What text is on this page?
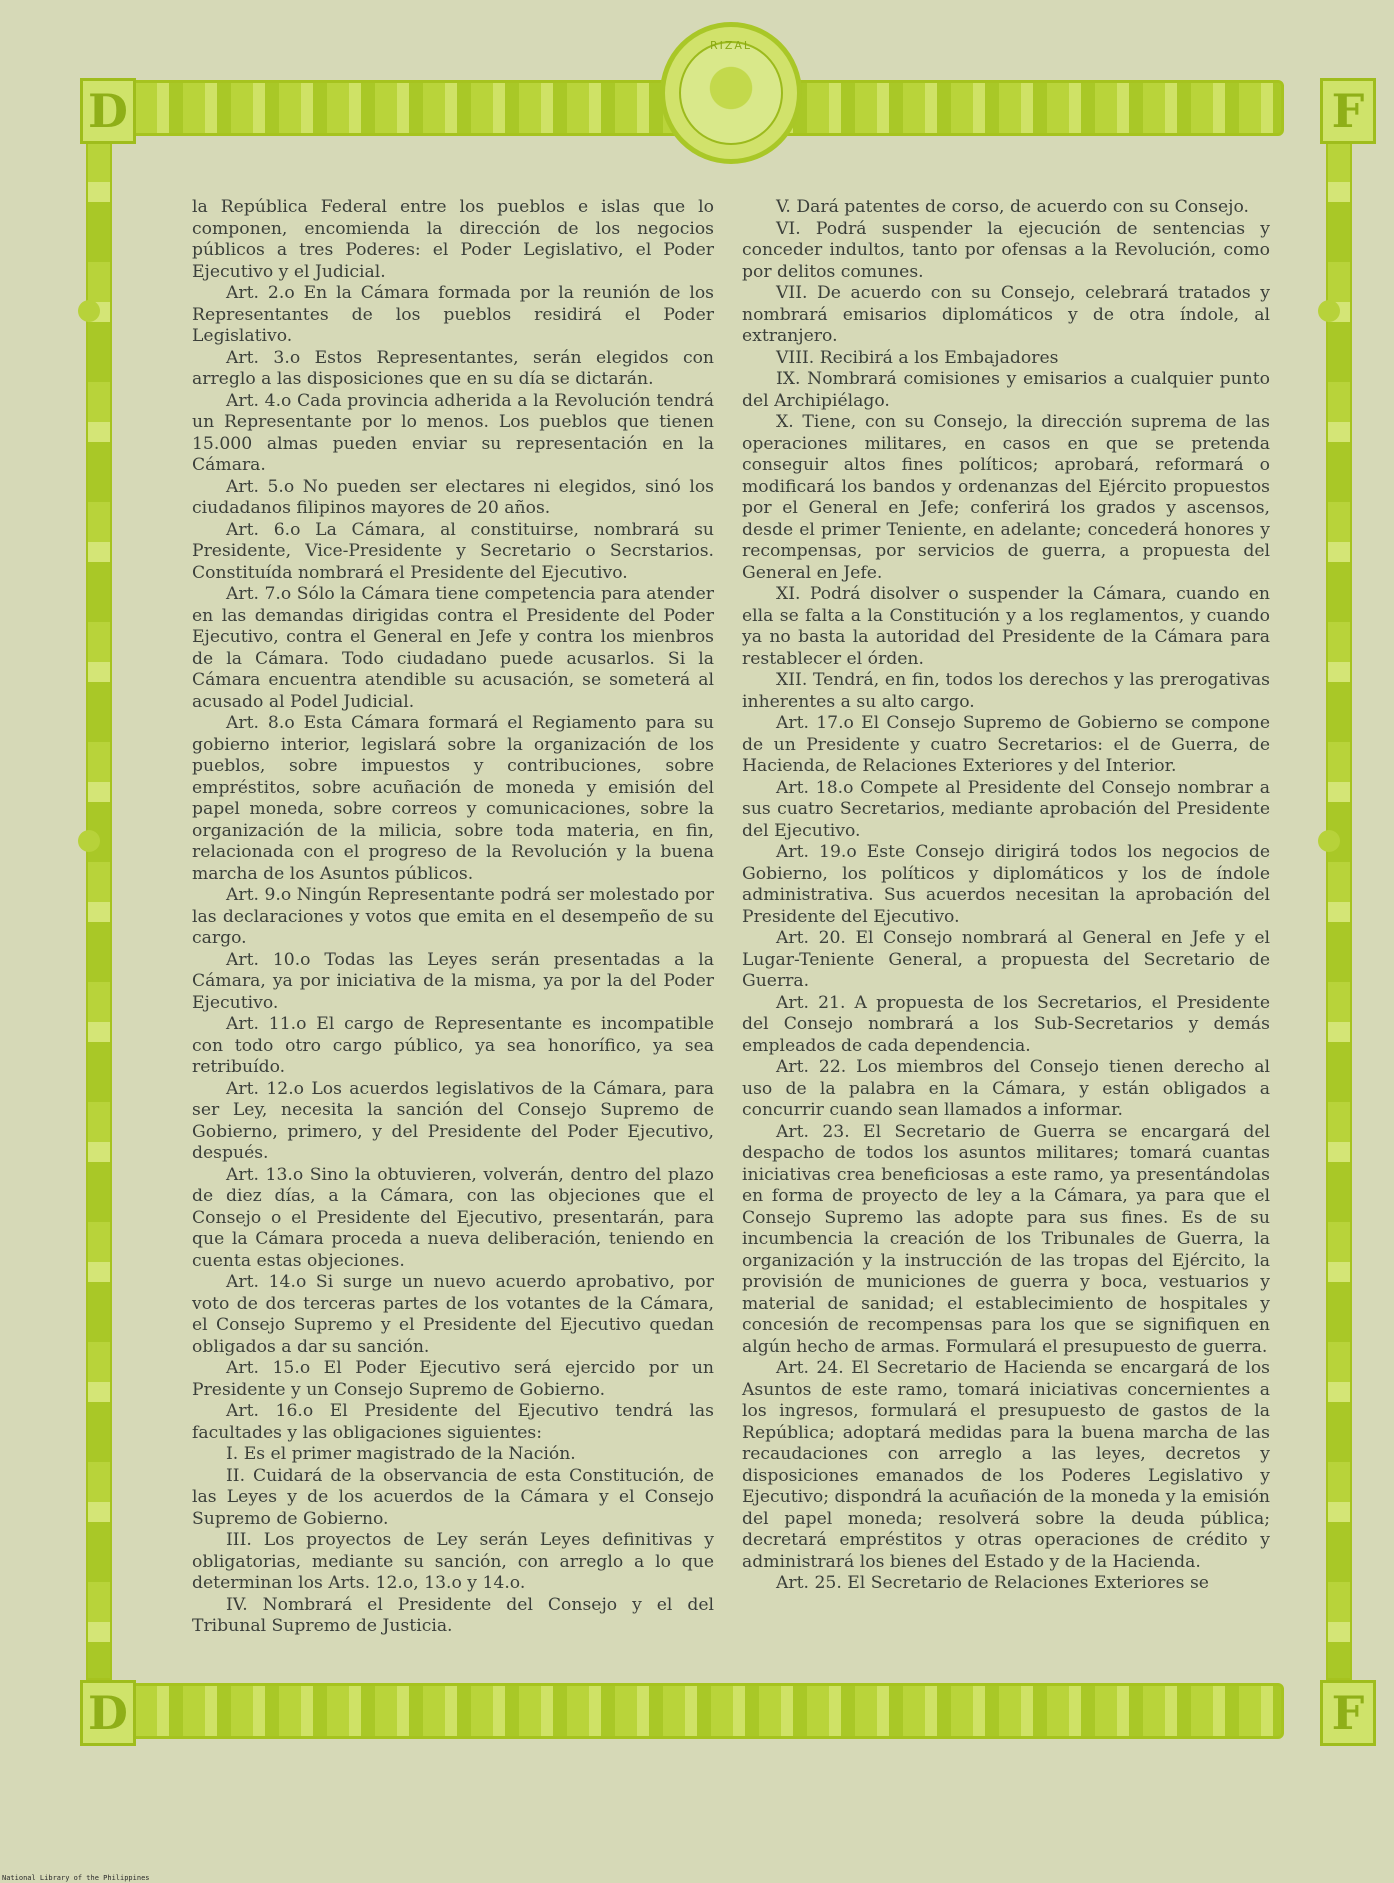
D	F
D	F
RIZAL

la República Federal entre los pueblos e islas que lo componen, encomienda la dirección de los negocios públicos a tres Poderes: el Poder Legislativo, el Poder Ejecutivo y el Judicial.

Art. 2.o En la Cámara formada por la reunión de los Representantes de los pueblos residirá el Poder Legislativo.

Art. 3.o Estos Representantes, serán elegidos con arreglo a las disposiciones que en su día se dictarán.

Art. 4.o Cada provincia adherida a la Revolución tendrá un Representante por lo menos. Los pueblos que tienen 15.000 almas pueden enviar su representación en la Cámara.

Art. 5.o No pueden ser electares ni elegidos, sinó los ciudadanos filipinos mayores de 20 años.

Art. 6.o La Cámara, al constituirse, nombrará su Presidente, Vice-Presidente y Secretario o Secrstarios. Constituída nombrará el Presidente del Ejecutivo.

Art. 7.o Sólo la Cámara tiene competencia para atender en las demandas dirigidas contra el Presidente del Poder Ejecutivo, contra el General en Jefe y contra los mienbros de la Cámara. Todo ciudadano puede acusarlos. Si la Cámara encuentra atendible su acusación, se someterá al acusado al Podel Judicial.

Art. 8.o Esta Cámara formará el Regiamento para su gobierno interior, legislará sobre la organización de los pueblos, sobre impuestos y contribuciones, sobre empréstitos, sobre acuñación de moneda y emisión del papel moneda, sobre correos y comunicaciones, sobre la organización de la milicia, sobre toda materia, en fin, relacionada con el progreso de la Revolución y la buena marcha de los Asuntos públicos.

Art. 9.o Ningún Representante podrá ser molestado por las declaraciones y votos que emita en el desempeño de su cargo.

Art. 10.o Todas las Leyes serán presentadas a la Cámara, ya por iniciativa de la misma, ya por la del Poder Ejecutivo.

Art. 11.o El cargo de Representante es incompatible con todo otro cargo público, ya sea honorífico, ya sea retribuído.

Art. 12.o Los acuerdos legislativos de la Cámara, para ser Ley, necesita la sanción del Consejo Supremo de Gobierno, primero, y del Presidente del Poder Ejecutivo, después.

Art. 13.o Sino la obtuvieren, volverán, dentro del plazo de diez días, a la Cámara, con las objeciones que el Consejo o el Presidente del Ejecutivo, presentarán, para que la Cámara proceda a nueva deliberación, teniendo en cuenta estas objeciones.

Art. 14.o Si surge un nuevo acuerdo aprobativo, por voto de dos terceras partes de los votantes de la Cámara, el Consejo Supremo y el Presidente del Ejecutivo quedan obligados a dar su sanción.

Art. 15.o El Poder Ejecutivo será ejercido por un Presidente y un Consejo Supremo de Gobierno.

Art. 16.o El Presidente del Ejecutivo tendrá las facultades y las obligaciones siguientes:

I. Es el primer magistrado de la Nación.

II. Cuidará de la observancia de esta Constitución, de las Leyes y de los acuerdos de la Cámara y el Consejo Supremo de Gobierno.

III. Los proyectos de Ley serán Leyes definitivas y obligatorias, mediante su sanción, con arreglo a lo que determinan los Arts. 12.o, 13.o y 14.o.

IV. Nombrará el Presidente del Consejo y el del Tribunal Supremo de Justicia.

V. Dará patentes de corso, de acuerdo con su Consejo.

VI. Podrá suspender la ejecución de sentencias y conceder indultos, tanto por ofensas a la Revolución, como por delitos comunes.

VII. De acuerdo con su Consejo, celebrará tratados y nombrará emisarios diplomáticos y de otra índole, al extranjero.

VIII. Recibirá a los Embajadores

IX. Nombrará comisiones y emisarios a cualquier punto del Archipiélago.

X. Tiene, con su Consejo, la dirección suprema de las operaciones militares, en casos en que se pretenda conseguir altos fines políticos; aprobará, reformará o modificará los bandos y ordenanzas del Ejército propuestos por el General en Jefe; conferirá los grados y ascensos, desde el primer Teniente, en adelante; concederá honores y recompensas, por servicios de guerra, a propuesta del General en Jefe.

XI. Podrá disolver o suspender la Cámara, cuando en ella se falta a la Constitución y a los reglamentos, y cuando ya no basta la autoridad del Presidente de la Cámara para restablecer el órden.

XII. Tendrá, en fin, todos los derechos y las prerogativas inherentes a su alto cargo.

Art. 17.o El Consejo Supremo de Gobierno se compone de un Presidente y cuatro Secretarios: el de Guerra, de Hacienda, de Relaciones Exteriores y del Interior.

Art. 18.o Compete al Presidente del Consejo nombrar a sus cuatro Secretarios, mediante aprobación del Presidente del Ejecutivo.

Art. 19.o Este Consejo dirigirá todos los negocios de Gobierno, los políticos y diplomáticos y los de índole administrativa. Sus acuerdos necesitan la aprobación del Presidente del Ejecutivo.

Art. 20. El Consejo nombrará al General en Jefe y el Lugar-Teniente General, a propuesta del Secretario de Guerra.

Art. 21. A propuesta de los Secretarios, el Presidente del Consejo nombrará a los Sub-Secretarios y demás empleados de cada dependencia.

Art. 22. Los miembros del Consejo tienen derecho al uso de la palabra en la Cámara, y están obligados a concurrir cuando sean llamados a informar.

Art. 23. El Secretario de Guerra se encargará del despacho de todos los asuntos militares; tomará cuantas iniciativas crea beneficiosas a este ramo, ya presentándolas en forma de proyecto de ley a la Cámara, ya para que el Consejo Supremo las adopte para sus fines. Es de su incumbencia la creación de los Tribunales de Guerra, la organización y la instrucción de las tropas del Ejército, la provisión de municiones de guerra y boca, vestuarios y material de sanidad; el establecimiento de hospitales y concesión de recompensas para los que se signifiquen en algún hecho de armas. Formulará el presupuesto de guerra.

Art. 24. El Secretario de Hacienda se encargará de los Asuntos de este ramo, tomará iniciativas concernientes a los ingresos, formulará el presupuesto de gastos de la República; adoptará medidas para la buena marcha de las recaudaciones con arreglo a las leyes, decretos y disposiciones emanados de los Poderes Legislativo y Ejecutivo; dispondrá la acuñación de la moneda y la emisión del papel moneda; resolverá sobre la deuda pública; decretará empréstitos y otras operaciones de crédito y administrará los bienes del Estado y de la Hacienda.

Art. 25. El Secretario de Relaciones Exteriores se

National Library of the Philippines
